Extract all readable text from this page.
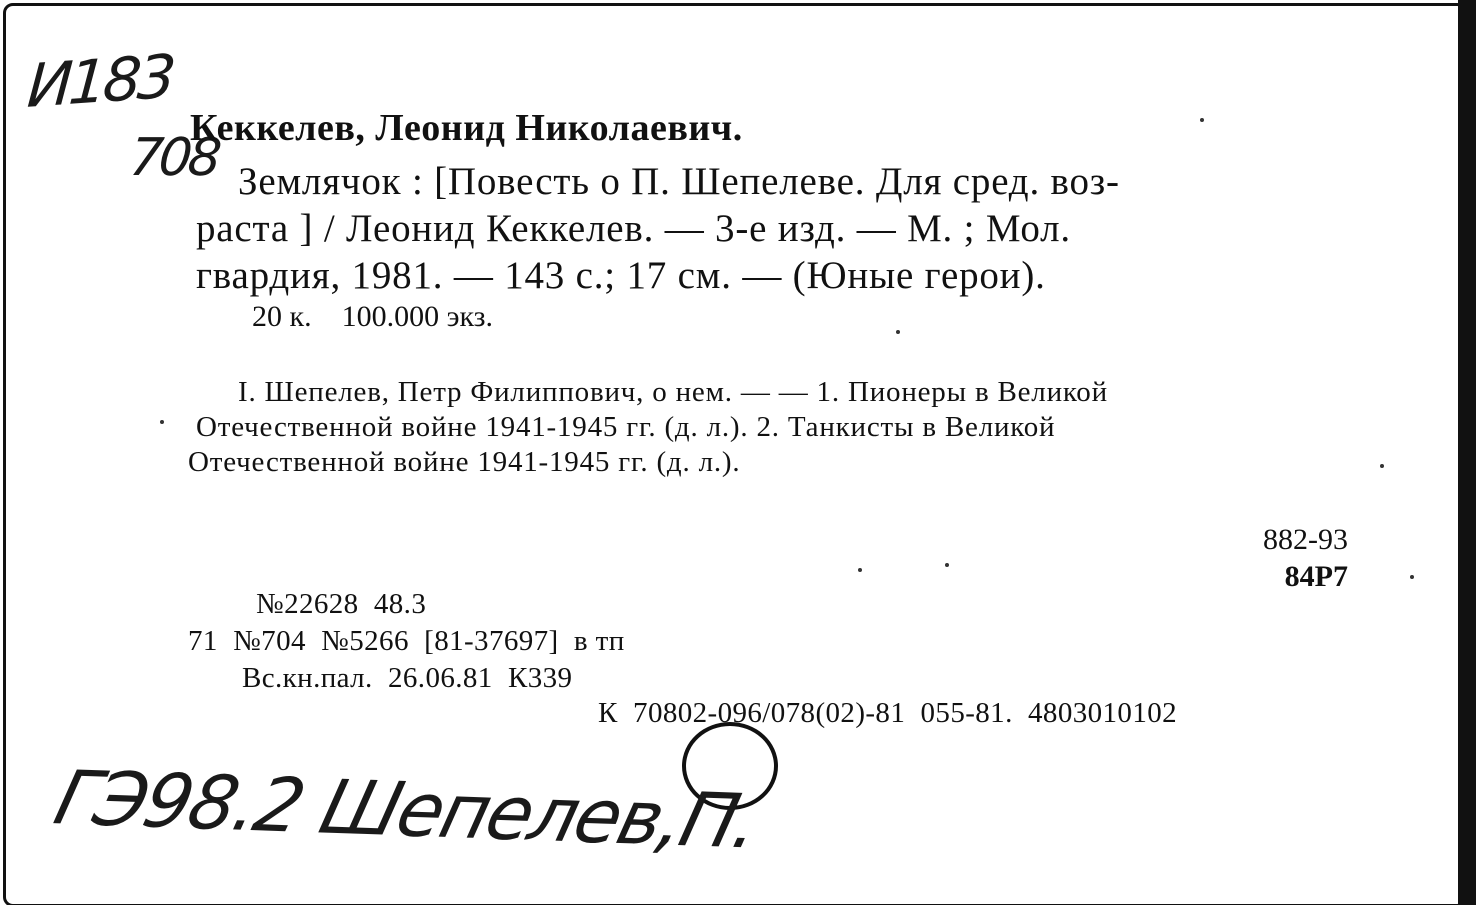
И183
708
Кеккелев, Леонид Николаевич.
Землячок : [Повесть о П. Шепелеве. Для сред. воз-
раста ] / Леонид Кеккелев. — 3-е изд. — М. ; Мол.
гвардия, 1981. — 143 с.; 17 см. — (Юные герои).
20 к.    100.000 экз.
I. Шепелев, Петр Филиппович, о нем. — — 1. Пионеры в Великой
Отечественной войне 1941-1945 гг. (д. л.). 2. Танкисты в Великой
Отечественной войне 1941-1945 гг. (д. л.).
882-93
84Р7
№22628  48.3
71  №704  №5266  [81-37697]  в тп
Вс.кн.пал.  26.06.81  К339
К  70802-096/078(02)-81  055-81.  4803010102
ГЭ98.2 Шепелев,П.
